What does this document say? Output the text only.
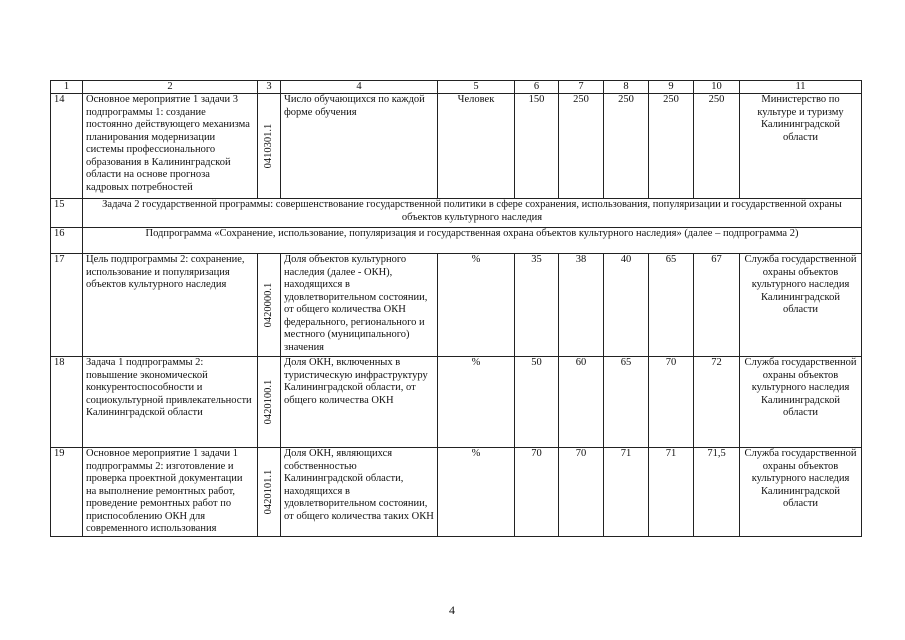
1	2	3	4	5	6	7	8	9	10	11
14	Основное мероприятие 1 задачи 3 подпрограммы 1: создание постоянно действующего механизма планирования модернизации системы профессионального образования в Калининградской области на основе прогноза кадровых потребностей	0410301.1	Число обучающихся по каждой форме обучения	Человек	150	250	250	250	250	Министерство по культуре и туризму Калининградской области
15	Задача 2 государственной программы: совершенствование государственной политики в сфере сохранения, использования, популяризации и государственной охраны объектов культурного наследия									
16	Подпрограмма «Сохранение, использование, популяризация и государственная охрана объектов культурного наследия» (далее – подпрограмма 2)									
17	Цель подпрограммы 2: сохранение, использование и популяризация объектов культурного наследия	0420000.1	Доля объектов культурного наследия (далее - ОКН), находящихся в удовлетворительном состоянии, от общего количества ОКН федерального, регионального и местного (муниципального) значения	%	35	38	40	65	67	Служба государственной охраны объектов культурного наследия Калининградской области
18	Задача 1 подпрограммы 2: повышение экономической конкурентоспособности и социокультурной привлекательности Калининградской области	0420100.1	Доля ОКН, включенных в туристическую инфраструктуру Калининградской области, от общего количества ОКН	%	50	60	65	70	72	Служба государственной охраны объектов культурного наследия Калининградской области
19	Основное мероприятие 1 задачи 1 подпрограммы 2: изготовление и проверка проектной документации на выполнение ремонтных работ, проведение ремонтных работ по приспособлению ОКН для современного использования	0420101.1	Доля ОКН, являющихся собственностью Калининградской области, находящихся в удовлетворительном состоянии, от общего количества таких ОКН	%	70	70	71	71	71,5	Служба государственной охраны объектов культурного наследия Калининградской области
4
